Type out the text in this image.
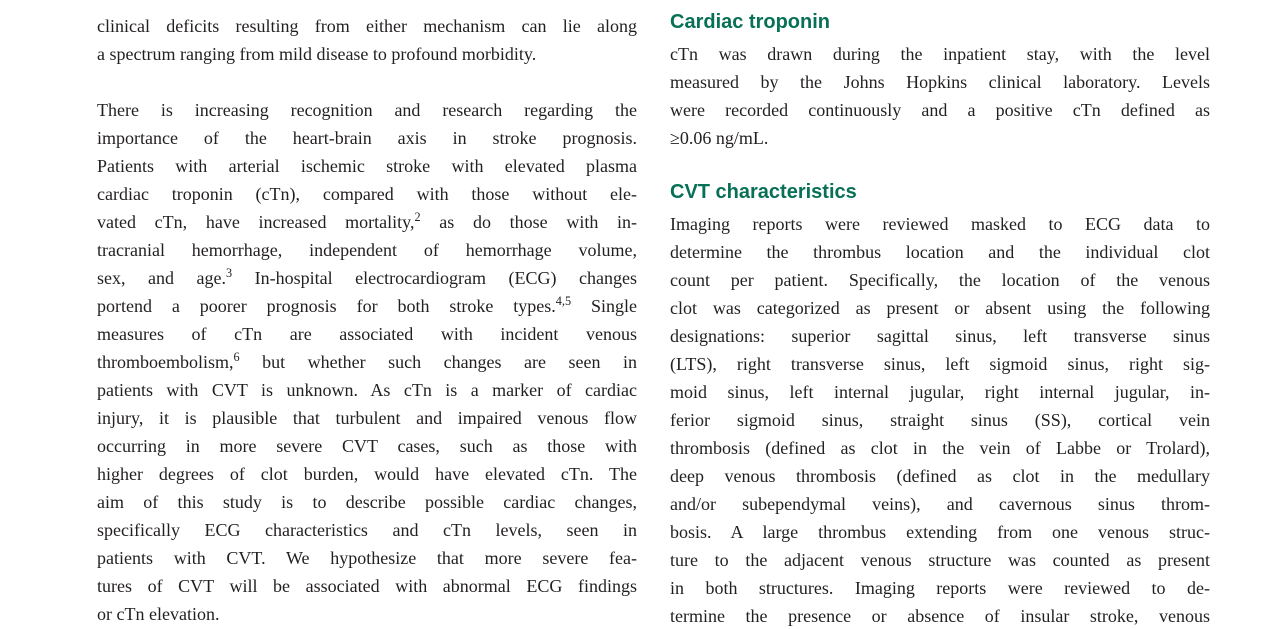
clinical deficits resulting from either mechanism can lie along
a spectrum ranging from mild disease to profound morbidity.
There is increasing recognition and research regarding the
importance of the heart-brain axis in stroke prognosis.
Patients with arterial ischemic stroke with elevated plasma
cardiac troponin (cTn), compared with those without ele-
vated cTn, have increased mortality,$^2$ as do those with in-
tracranial hemorrhage, independent of hemorrhage volume,
sex, and age.$^3$ In-hospital electrocardiogram (ECG) changes
portend a poorer prognosis for both stroke types.$^{4,5}$ Single
measures of cTn are associated with incident venous
thromboembolism,$^6$ but whether such changes are seen in
patients with CVT is unknown. As cTn is a marker of cardiac
injury, it is plausible that turbulent and impaired venous flow
occurring in more severe CVT cases, such as those with
higher degrees of clot burden, would have elevated cTn. The
aim of this study is to describe possible cardiac changes,
specifically ECG characteristics and cTn levels, seen in
patients with CVT. We hypothesize that more severe fea-
tures of CVT will be associated with abnormal ECG findings
or cTn elevation.
Cardiac troponin
cTn was drawn during the inpatient stay, with the level
measured by the Johns Hopkins clinical laboratory. Levels
were recorded continuously and a positive cTn defined as
≥0.06 ng/mL.
CVT characteristics
Imaging reports were reviewed masked to ECG data to
determine the thrombus location and the individual clot
count per patient. Specifically, the location of the venous
clot was categorized as present or absent using the following
designations: superior sagittal sinus, left transverse sinus
(LTS), right transverse sinus, left sigmoid sinus, right sig-
moid sinus, left internal jugular, right internal jugular, in-
ferior sigmoid sinus, straight sinus (SS), cortical vein
thrombosis (defined as clot in the vein of Labbe or Trolard),
deep venous thrombosis (defined as clot in the medullary
and/or subependymal veins), and cavernous sinus throm-
bosis. A large thrombus extending from one venous struc-
ture to the adjacent venous structure was counted as present
in both structures. Imaging reports were reviewed to de-
termine the presence or absence of insular stroke, venous
